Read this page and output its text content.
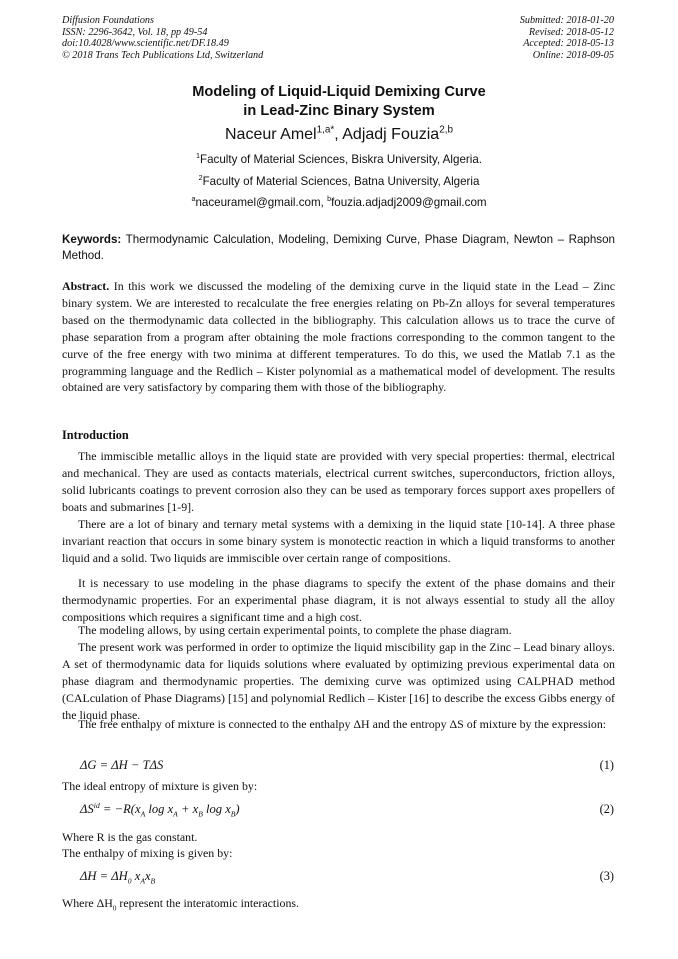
Diffusion Foundations
ISSN: 2296-3642, Vol. 18, pp 49-54
doi:10.4028/www.scientific.net/DF.18.49
© 2018 Trans Tech Publications Ltd, Switzerland
Submitted: 2018-01-20
Revised: 2018-05-12
Accepted: 2018-05-13
Online: 2018-09-05
Modeling of Liquid-Liquid Demixing Curve
in Lead-Zinc Binary System
Naceur Amel$^{1,a*}$, Adjadj Fouzia$^{2,b}$
$^1$Faculty of Material Sciences, Biskra University, Algeria.
$^2$Faculty of Material Sciences, Batna University, Algeria
$^a$naceuramel@gmail.com, $^b$fouzia.adjadj2009@gmail.com
Keywords: Thermodynamic Calculation, Modeling, Demixing Curve, Phase Diagram, Newton – Raphson Method.

Abstract. In this work we discussed the modeling of the demixing curve in the liquid state in the Lead – Zinc binary system. We are interested to recalculate the free energies relating on Pb-Zn alloys for several temperatures based on the thermodynamic data collected in the bibliography. This calculation allows us to trace the curve of phase separation from a program after obtaining the mole fractions corresponding to the common tangent to the curve of the free energy with two minima at different temperatures. To do this, we used the Matlab 7.1 as the programming language and the Redlich – Kister polynomial as a mathematical model of development. The results obtained are very satisfactory by comparing them with those of the bibliography.

Introduction

The immiscible metallic alloys in the liquid state are provided with very special properties: thermal, electrical and mechanical. They are used as contacts materials, electrical current switches, superconductors, friction alloys, solid lubricants coatings to prevent corrosion also they can be used as temporary forces support axes propellers of boats and submarines [1-9].

There are a lot of binary and ternary metal systems with a demixing in the liquid state [10-14]. A three phase invariant reaction that occurs in some binary system is monotectic reaction in which a liquid transforms to another liquid and a solid. Two liquids are immiscible over certain range of compositions.

It is necessary to use modeling in the phase diagrams to specify the extent of the phase domains and their thermodynamic properties. For an experimental phase diagram, it is not always essential to study all the alloy compositions which requires a significant time and a high cost.

The modeling allows, by using certain experimental points, to complete the phase diagram.

The present work was performed in order to optimize the liquid miscibility gap in the Zinc – Lead binary alloys. A set of thermodynamic data for liquids solutions where evaluated by optimizing previous experimental data on phase diagram and thermodynamic properties. The demixing curve was optimized using CALPHAD method (CALculation of Phase Diagrams) [15] and polynomial Redlich – Kister [16] to describe the excess Gibbs energy of the liquid phase.

The free enthalpy of mixture is connected to the enthalpy ΔH and the entropy ΔS of mixture by the expression:

ΔG = ΔH − TΔS	(1)

The ideal entropy of mixture is given by:

$\Delta S^{id} = -R(x_A$ $\log x_A + x_B$ $\log x_B$)	(2)

Where R is the gas constant.

The enthalpy of mixing is given by:

$\Delta H = \Delta H_0$ $x_Ax_B$	(3)

Where $\Delta H_0$ represent the interatomic interactions.
